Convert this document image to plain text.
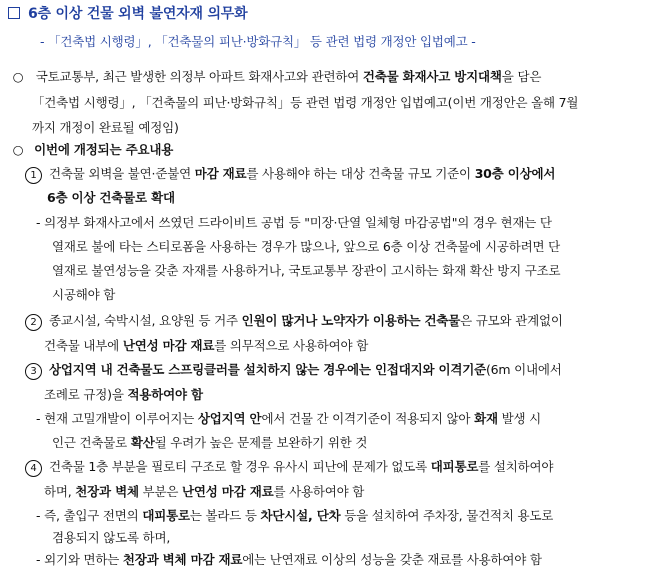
6층 이상 건물 외벽 불연자재 의무화
- 「건축법 시행령」, 「건축물의 피난·방화규칙」 등 관련 법령 개정안 입법예고 -
○ 국토교통부, 최근 발생한 의정부 아파트 화재사고와 관련하여 건축물 화재사고 방지대책을 담은
「건축법 시행령」, 「건축물의 피난·방화규칙」등 관련 법령 개정안 입법예고(이번 개정안은 올해 7월
까지 개정이 완료될 예정임)
○ 이번에 개정되는 주요내용
1 건축물 외벽을 불연·준불연 마감 재료를 사용해야 하는 대상 건축물 규모 기준이 30층 이상에서
6층 이상 건축물로 확대
- 의정부 화재사고에서 쓰였던 드라이비트 공법 등 "미장·단열 일체형 마감공법"의 경우 현재는 단
열재로 불에 타는 스티로폼을 사용하는 경우가 많으나, 앞으로 6층 이상 건축물에 시공하려면 단
열재로 불연성능을 갖춘 자재를 사용하거나, 국토교통부 장관이 고시하는 화재 확산 방지 구조로
시공해야 함
2 종교시설, 숙박시설, 요양원 등 거주 인원이 많거나 노약자가 이용하는 건축물은 규모와 관계없이
건축물 내부에 난연성 마감 재료를 의무적으로 사용하여야 함
3 상업지역 내 건축물도 스프링클러를 설치하지 않는 경우에는 인접대지와 이격기준(6m 이내에서
조례로 규정)을 적용하여야 함
- 현재 고밀개발이 이루어지는 상업지역 안에서 건물 간 이격기준이 적용되지 않아 화재 발생 시
인근 건축물로 확산될 우려가 높은 문제를 보완하기 위한 것
4 건축물 1층 부분을 필로티 구조로 할 경우 유사시 피난에 문제가 없도록 대피통로를 설치하여야
하며, 천장과 벽체 부분은 난연성 마감 재료를 사용하여야 함
- 즉, 출입구 전면의 대피통로는 볼라드 등 차단시설, 단차 등을 설치하여 주차장, 물건적치 용도로
겸용되지 않도록 하며,
- 외기와 면하는 천장과 벽체 마감 재료에는 난연재료 이상의 성능을 갖춘 재료를 사용하여야 함
